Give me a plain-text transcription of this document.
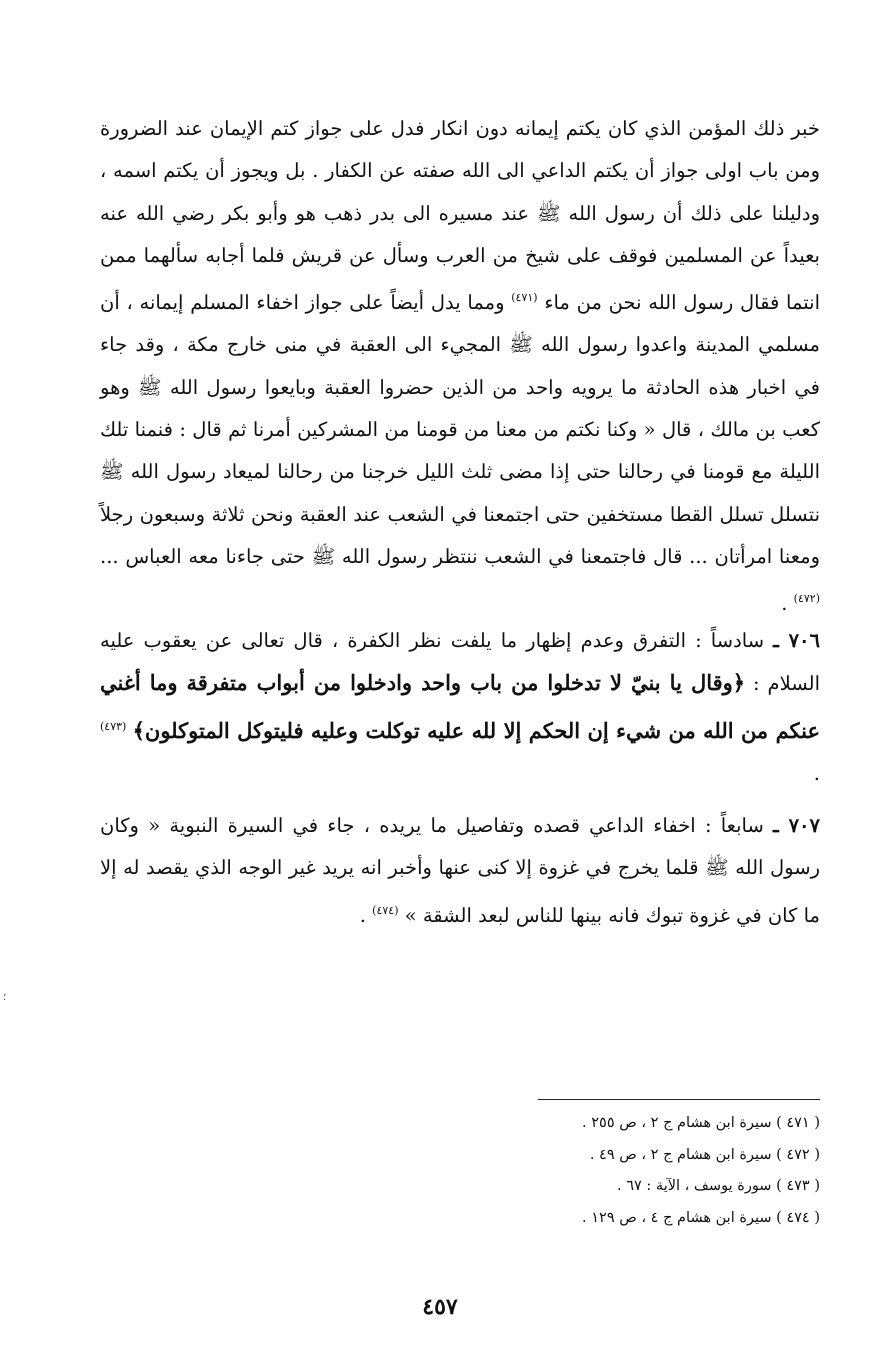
خبر ذلك المؤمن الذي كان يكتم إيمانه دون انكار فدل على جواز كتم الإيمان عند الضرورة ومن باب اولى جواز أن يكتم الداعي الى الله صفته عن الكفار . بل ويجوز أن يكتم اسمه ، ودليلنا على ذلك أن رسول الله ﷺ عند مسيره الى بدر ذهب هو وأبو بكر رضي الله عنه بعيداً عن المسلمين فوقف على شيخ من العرب وسأل عن قريش فلما أجابه سألهما ممن انتما فقال رسول الله نحن من ماء $^{(٤٧١)}$ ومما يدل أيضاً على جواز اخفاء المسلم إيمانه ، أن مسلمي المدينة واعدوا رسول الله ﷺ المجيء الى العقبة في منى خارج مكة ، وقد جاء في اخبار هذه الحادثة ما يرويه واحد من الذين حضروا العقبة وبايعوا رسول الله ﷺ وهو كعب بن مالك ، قال « وكنا نكتم من معنا من قومنا من المشركين أمرنا ثم قال : فنمنا تلك الليلة مع قومنا في رحالنا حتى إذا مضى ثلث الليل خرجنا من رحالنا لميعاد رسول الله ﷺ نتسلل تسلل القطا مستخفين حتى اجتمعنا في الشعب عند العقبة ونحن ثلاثة وسبعون رجلاً ومعنا امرأتان ... قال فاجتمعنا في الشعب ننتظر رسول الله ﷺ حتى جاءنا معه العباس ... $^{(٤٧٢)}$ .

٧٠٦ ـ سادساً : التفرق وعدم إظهار ما يلفت نظر الكفرة ، قال تعالى عن يعقوب عليه السلام : ﴿وقال يا بنيّ لا تدخلوا من باب واحد وادخلوا من أبواب متفرقة وما أغني عنكم من الله من شيء إن الحكم إلا لله عليه توكلت وعليه فليتوكل المتوكلون﴾ $^{(٤٧٣)}$ .

٧٠٧ ـ سابعاً : اخفاء الداعي قصده وتفاصيل ما يريده ، جاء في السيرة النبوية « وكان رسول الله ﷺ قلما يخرج في غزوة إلا كنى عنها وأخبر انه يريد غير الوجه الذي يقصد له إلا ما كان في غزوة تبوك فانه بينها للناس لبعد الشقة » $^{(٤٧٤)}$ .

؛
( ٤٧١ ) سيرة ابن هشام ج ٢ ، ص ٢٥٥ .
( ٤٧٢ ) سيرة ابن هشام ج ٢ ، ص ٤٩ .
( ٤٧٣ ) سورة يوسف ، الآية : ٦٧ .
( ٤٧٤ ) سيرة ابن هشام ج ٤ ، ص ١٢٩ .
٤٥٧
